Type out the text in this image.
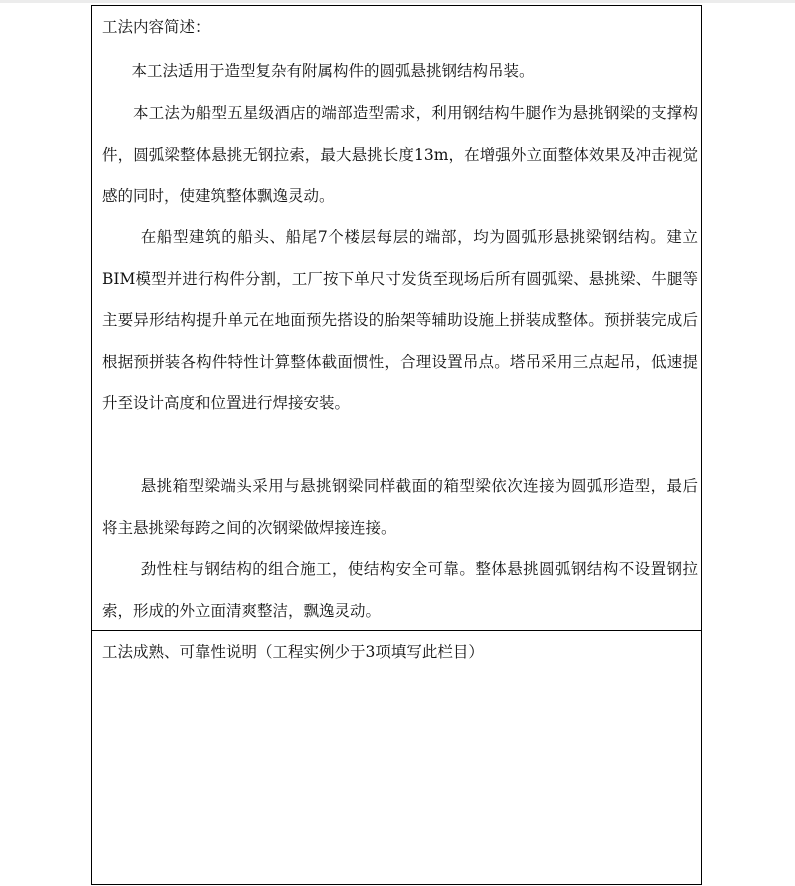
工法内容简述：

本工法适用于造型复杂有附属构件的圆弧悬挑钢结构吊装。

本工法为船型五星级酒店的端部造型需求，利用钢结构牛腿作为悬挑钢梁的支撑构件，圆弧梁整体悬挑无钢拉索，最大悬挑长度13m，在增强外立面整体效果及冲击视觉感的同时，使建筑整体飘逸灵动。

在船型建筑的船头、船尾7个楼层每层的端部，均为圆弧形悬挑梁钢结构。建立BIM模型并进行构件分割，工厂按下单尺寸发货至现场后所有圆弧梁、悬挑梁、牛腿等主要异形结构提升单元在地面预先搭设的胎架等辅助设施上拼装成整体。预拼装完成后根据预拼装各构件特性计算整体截面惯性，合理设置吊点。塔吊采用三点起吊，低速提升至设计高度和位置进行焊接安装。

悬挑箱型梁端头采用与悬挑钢梁同样截面的箱型梁依次连接为圆弧形造型，最后将主悬挑梁每跨之间的次钢梁做焊接连接。

劲性柱与钢结构的组合施工，使结构安全可靠。整体悬挑圆弧钢结构不设置钢拉索，形成的外立面清爽整洁，飘逸灵动。

工法成熟、可靠性说明（工程实例少于3项填写此栏目）
